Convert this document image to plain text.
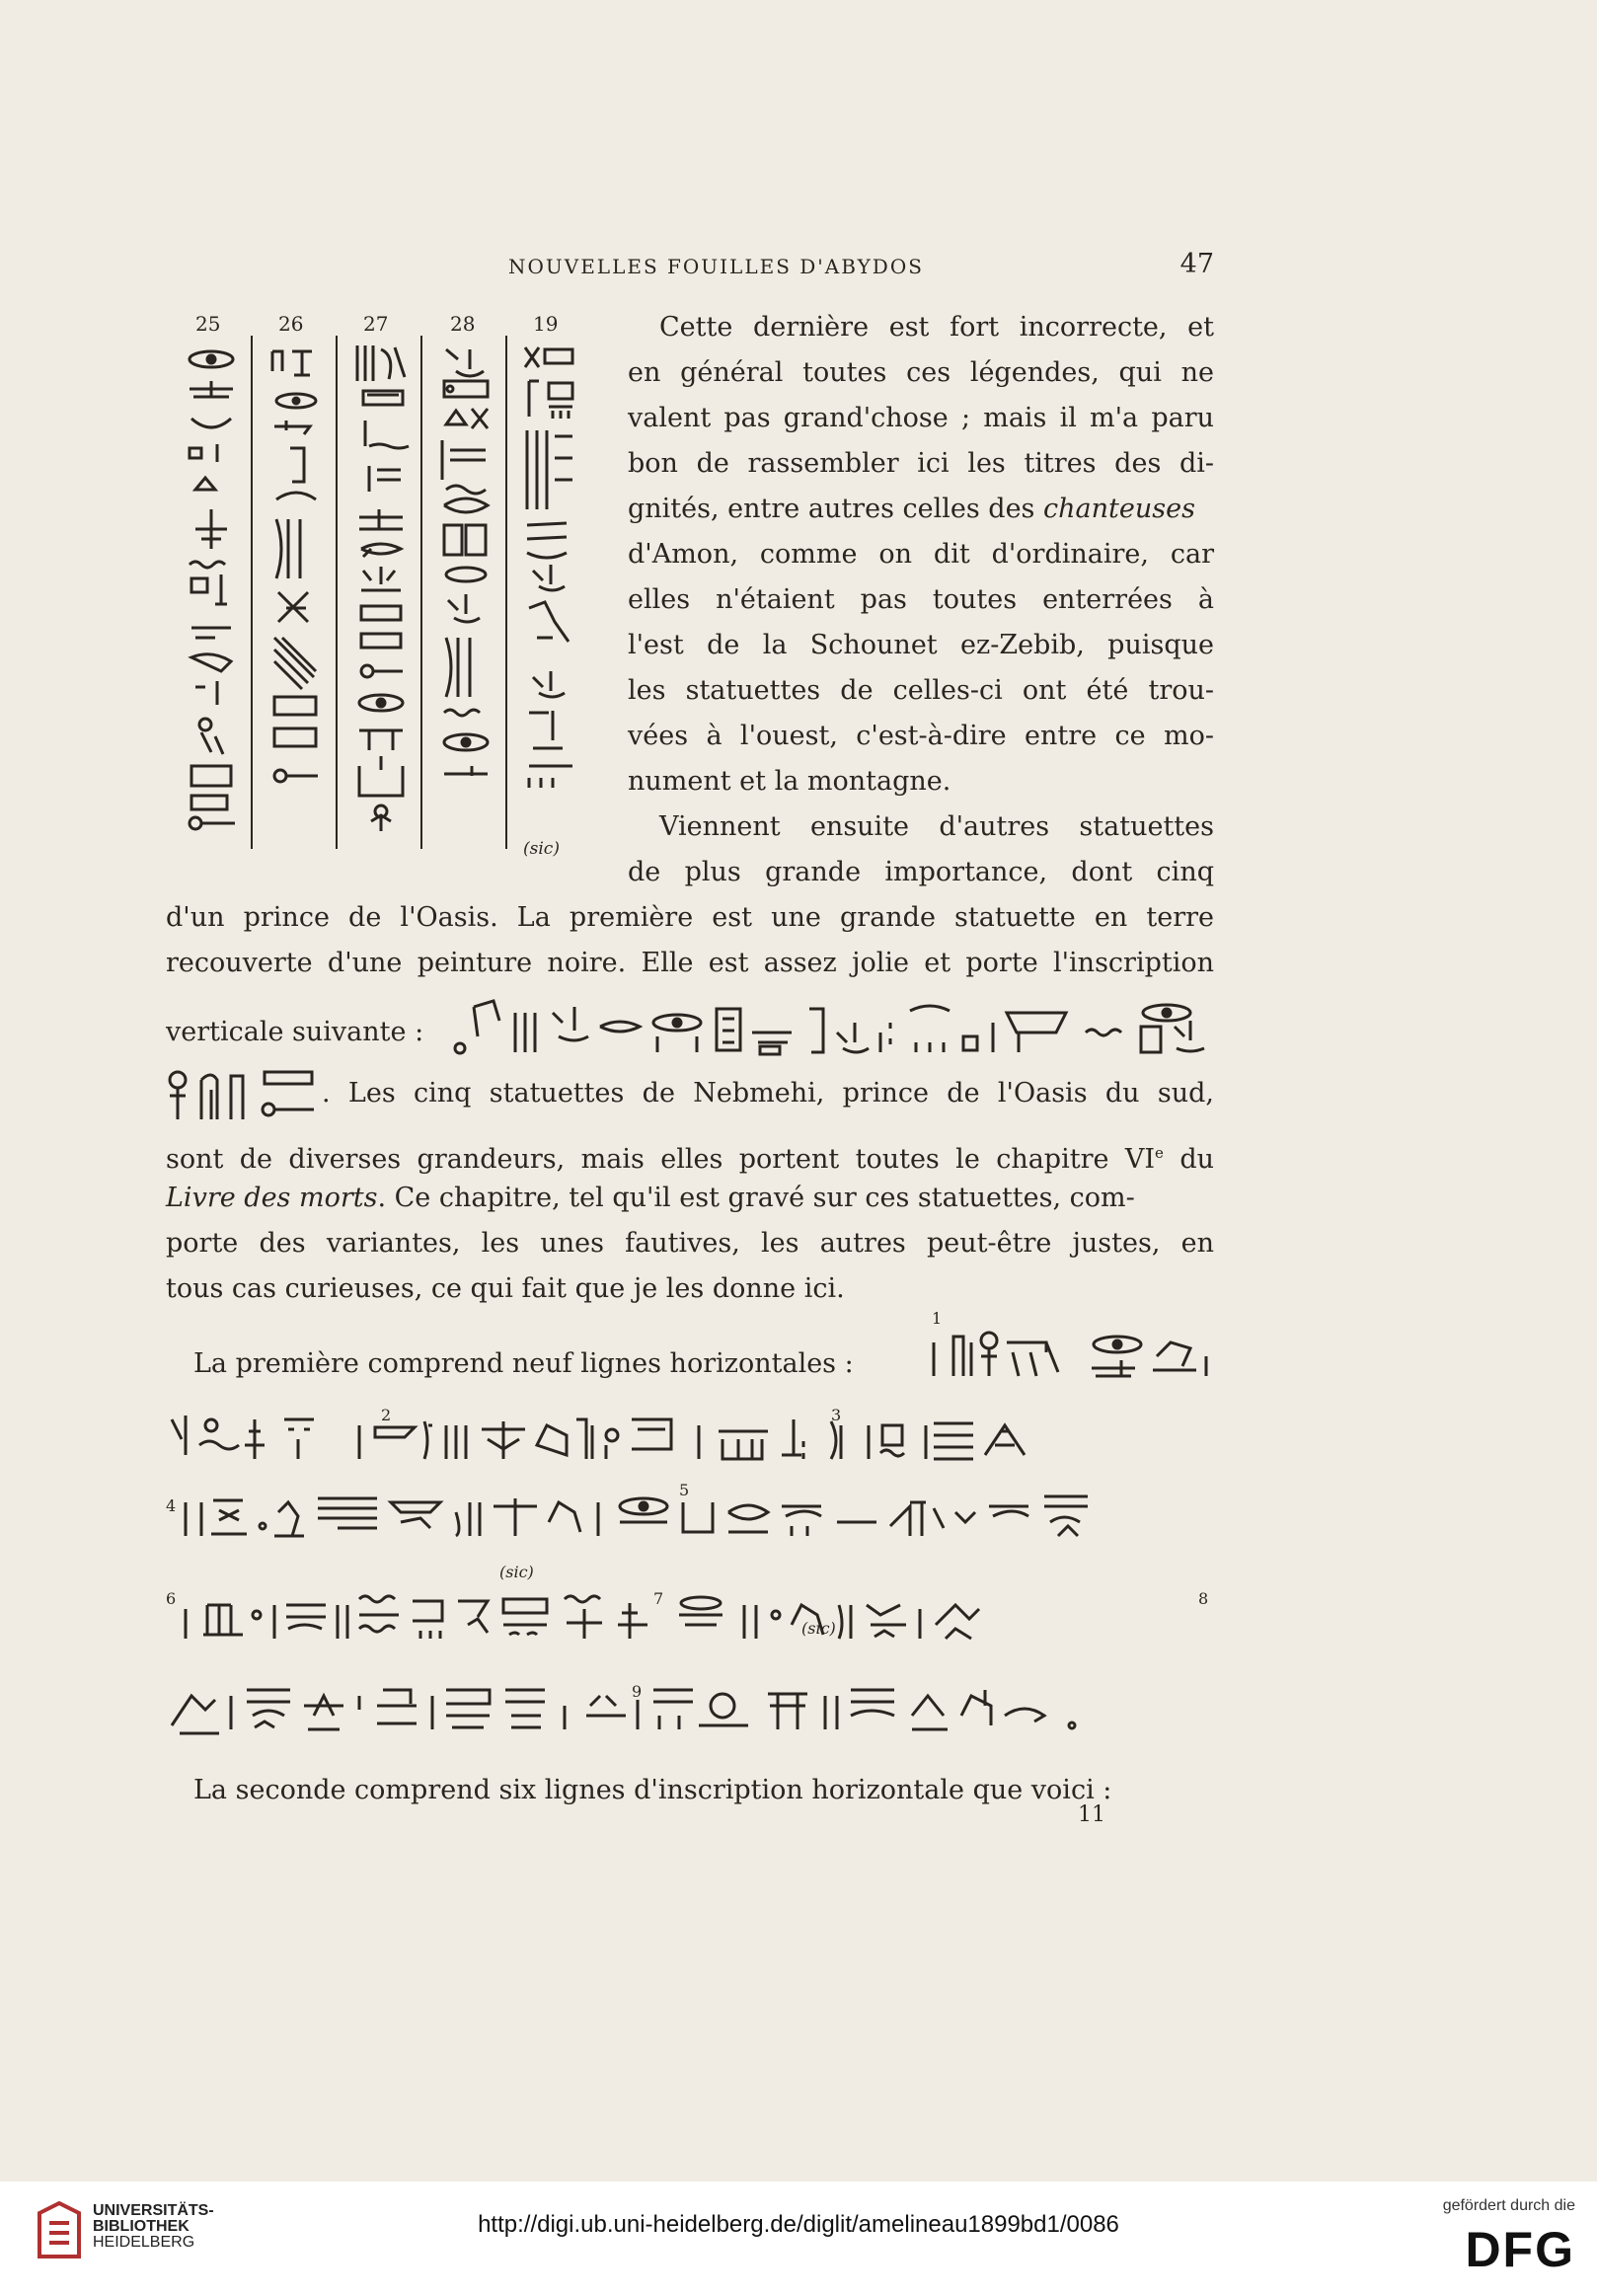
NOUVELLES FOUILLES D'ABYDOS	47
25	26	27	28	19
(sic)
Cette dernière est fort incorrecte, et
en général toutes ces légendes, qui ne
valent pas grand'chose ; mais il m'a paru
bon de rassembler ici les titres des di-
gnités, entre autres celles des chanteuses
d'Amon, comme on dit d'ordinaire, car
elles n'étaient pas toutes enterrées à
l'est de la Schounet ez-Zebib, puisque
les statuettes de celles-ci ont été trou-
vées à l'ouest, c'est-à-dire entre ce mo-
nument et la montagne.
Viennent ensuite d'autres statuettes
de plus grande importance, dont cinq
d'un prince de l'Oasis. La première est une grande statuette en terre
recouverte d'une peinture noire. Elle est assez jolie et porte l'inscription
verticale suivante :
. Les cinq statuettes de Nebmehi, prince de l'Oasis du sud,
sont de diverses grandeurs, mais elles portent toutes le chapitre VIe du
Livre des morts. Ce chapitre, tel qu'il est gravé sur ces statuettes, com-
porte des variantes, les unes fautives, les autres peut-être justes, en
tous cas curieuses, ce qui fait que je les donne ici.
La première comprend neuf lignes horizontales :
1
2	3
4
5
(sic)
6	7	8
(sic)
9
La seconde comprend six lignes d'inscription horizontale que voici :
11
UNIVERSITÄTS-
BIBLIOTHEK
HEIDELBERG
http://digi.ub.uni-heidelberg.de/diglit/amelineau1899bd1/0086
gefördert durch die
DFG
